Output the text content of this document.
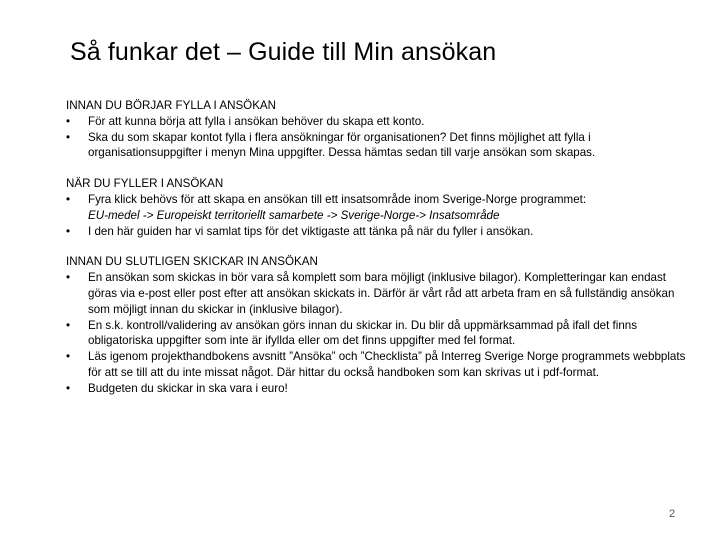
Så funkar det – Guide till Min ansökan
INNAN DU BÖRJAR FYLLA I ANSÖKAN
•	För att kunna börja att fylla i ansökan behöver du skapa ett konto.
•	Ska du som skapar kontot fylla i flera ansökningar för organisationen? Det finns möjlighet att fylla i organisationsuppgifter i menyn Mina uppgifter. Dessa hämtas sedan till varje ansökan som skapas.
NÄR DU FYLLER I ANSÖKAN
•	Fyra klick behövs för att skapa en ansökan till ett insatsområde inom Sverige-Norge programmet:
EU-medel -> Europeiskt territoriellt samarbete -> Sverige-Norge-> Insatsområde
•	I den här guiden har vi samlat tips för det viktigaste att tänka på när du fyller i ansökan.
INNAN DU SLUTLIGEN SKICKAR IN ANSÖKAN
•	En ansökan som skickas in bör vara så komplett som bara möjligt (inklusive bilagor). Kompletteringar kan endast göras via e-post eller post efter att ansökan skickats in. Därför är vårt råd att arbeta fram en så fullständig ansökan som möjligt innan du skickar in (inklusive bilagor).
•	En s.k. kontroll/validering av ansökan görs innan du skickar in. Du blir då uppmärksammad på ifall det finns obligatoriska uppgifter som inte är ifyllda eller om det finns uppgifter med fel format.
•	Läs igenom projekthandbokens avsnitt ”Ansöka” och ”Checklista” på Interreg Sverige Norge programmets webbplats för att se till att du inte missat något. Där hittar du också handboken som kan skrivas ut i pdf-format.
•	Budgeten du skickar in ska vara i euro!
2
